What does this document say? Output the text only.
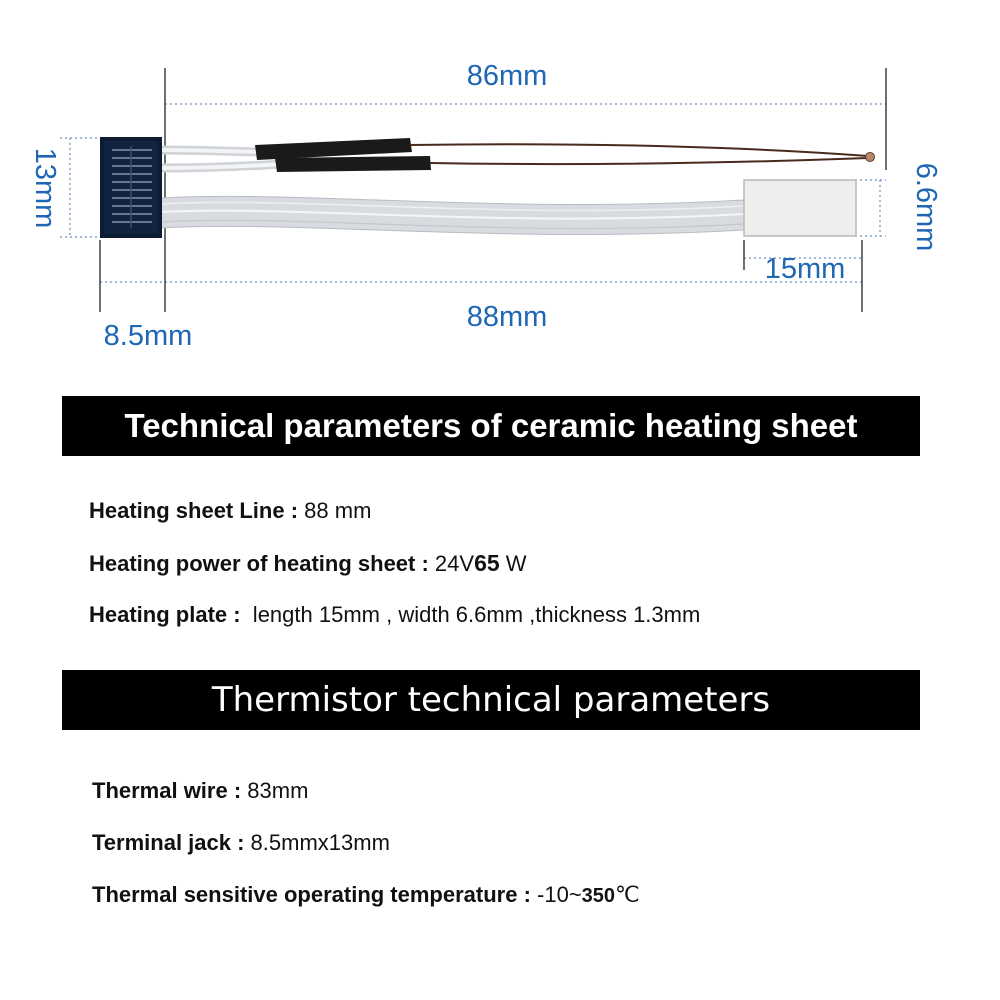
86mm
88mm
13mm
8.5mm
6.6mm
15mm
Technical parameters of ceramic heating sheet
Heating sheet Line : 88 mm
Heating power of heating sheet : 24V65 W
Heating plate :  length 15mm , width 6.6mm ,thickness 1.3mm
Thermistor technical parameters
Thermal wire : 83mm
Terminal jack : 8.5mmx13mm
Thermal sensitive operating temperature : -10~350℃
